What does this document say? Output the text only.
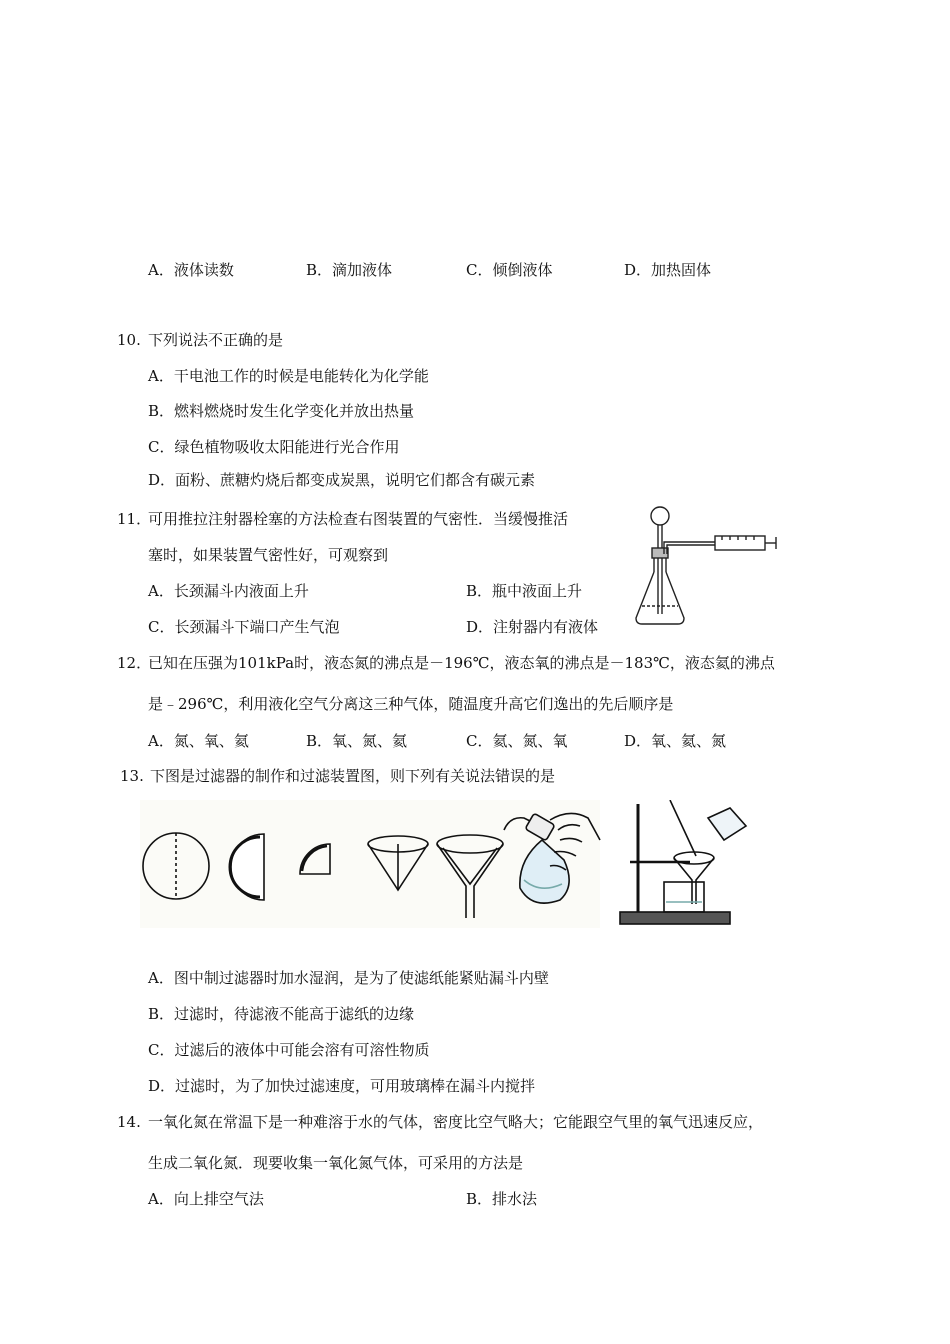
A．液体读数	B．滴加液体	C．倾倒液体	D．加热固体
10. 下列说法不正确的是
A．干电池工作的时候是电能转化为化学能
B．燃料燃烧时发生化学变化并放出热量
C．绿色植物吸收太阳能进行光合作用
D．面粉、蔗糖灼烧后都变成炭黑，说明它们都含有碳元素
11．
可用推拉注射器栓塞的方法检查右图装置的气密性．当缓慢推活
塞时，如果装置气密性好，可观察到
A．长颈漏斗内液面上升	B．瓶中液面上升
C．长颈漏斗下端口产生气泡	D．注射器内有液体
12．
已知在压强为101kPa时，液态氮的沸点是－196℃，液态氧的沸点是－183℃，液态氦的沸点
是﹣296℃，利用液化空气分离这三种气体，随温度升高它们逸出的先后顺序是
A．氮、氧、氦	B．氧、氮、氦	C．氦、氮、氧	D．氧、氦、氮
13. 下图是过滤器的制作和过滤装置图，则下列有关说法错误的是
A．图中制过滤器时加水湿润，是为了使滤纸能紧贴漏斗内壁
B．过滤时，待滤液不能高于滤纸的边缘
C．过滤后的液体中可能会溶有可溶性物质
D．过滤时，为了加快过滤速度，可用玻璃棒在漏斗内搅拌
14. 一氧化氮在常温下是一种难溶于水的气体，密度比空气略大；它能跟空气里的氧气迅速反应，
生成二氧化氮．现要收集一氧化氮气体，可采用的方法是
A．向上排空气法	B．排水法
